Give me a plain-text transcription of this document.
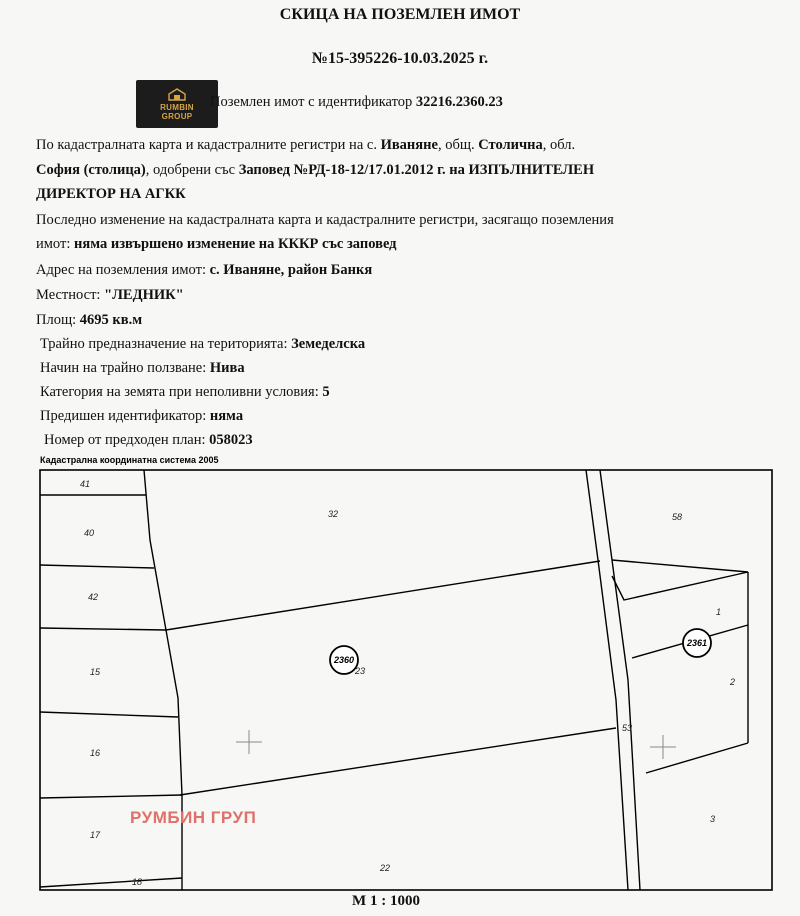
СКИЦА НА ПОЗЕМЛЕН ИМОТ
№15-395226-10.03.2025 г.
RUMBIN
GROUP
Поземлен имот с идентификатор 32216.2360.23
По кадастралната карта и кадастралните регистри на с. Иваняне, общ. Столична, обл.
София (столица), одобрени със Заповед №РД-18-12/17.01.2012 г. на ИЗПЪЛНИТЕЛЕН
ДИРЕКТОР НА АГКК
Последно изменение на кадастралната карта и кадастралните регистри, засягащо поземления
имот: няма извършено изменение на КККР със заповед
Адрес на поземления имот: с. Иваняне, район Банкя
Местност: "ЛЕДНИК"
Площ: 4695 кв.м
Трайно предназначение на територията: Земеделска
Начин на трайно ползване: Нива
Категория на земята при неполивни условия: 5
Предишен идентификатор: няма
Номер от предходен план: 058023
Кадастрална координатна система 2005
2360
2361
41
40
42
15
16
17
18
32
23
22
53
58
1
2
3
РУМБИН ГРУП
М 1 : 1000
